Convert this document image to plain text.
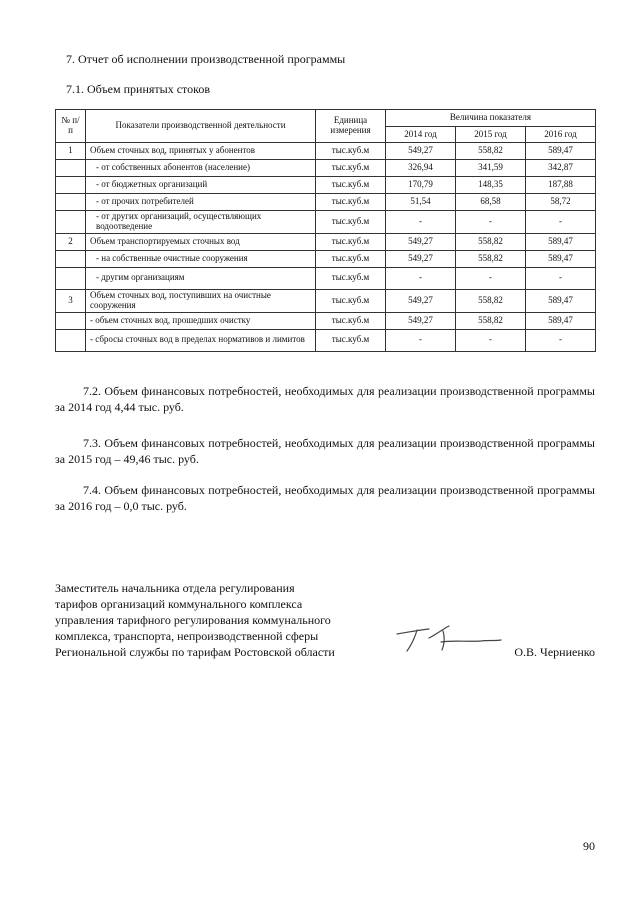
7. Отчет об исполнении производственной программы
7.1. Объем принятых стоков
№ п/п	Показатели производственной деятельности	Единица измерения	Величина показателя		
			2014 год	2015 год	2016 год
1	Объем сточных вод, принятых у абонентов	тыс.куб.м	549,27	558,82	589,47
	- от собственных абонентов (население)	тыс.куб.м	326,94	341,59	342,87
	- от бюджетных организаций	тыс.куб.м	170,79	148,35	187,88
	- от прочих потребителей	тыс.куб.м	51,54	68,58	58,72
	- от других организаций, осуществляющих водоотведение	тыс.куб.м	-	-	-
2	Объем транспортируемых сточных вод	тыс.куб.м	549,27	558,82	589,47
	- на собственные очистные сооружения	тыс.куб.м	549,27	558,82	589,47
	- другим организациям	тыс.куб.м	-	-	-
3	Объем сточных вод, поступивших на очистные сооружения	тыс.куб.м	549,27	558,82	589,47
	- объем сточных вод, прошедших очистку	тыс.куб.м	549,27	558,82	589,47
	- сбросы сточных вод в пределах нормативов и лимитов	тыс.куб.м	-	-	-

7.2. Объем финансовых потребностей, необходимых для реализации производственной программы за 2014 год 4,44 тыс. руб.

7.3. Объем финансовых потребностей, необходимых для реализации производственной программы за 2015 год – 49,46 тыс. руб.

7.4. Объем финансовых потребностей, необходимых для реализации производственной программы за 2016 год – 0,0 тыс. руб.

Заместитель начальника отдела регулирования
тарифов организаций коммунального комплекса
управления тарифного регулирования коммунального
комплекса, транспорта, непроизводственной сферы
Региональной службы по тарифам Ростовской области	О.В. Черниенко
90
